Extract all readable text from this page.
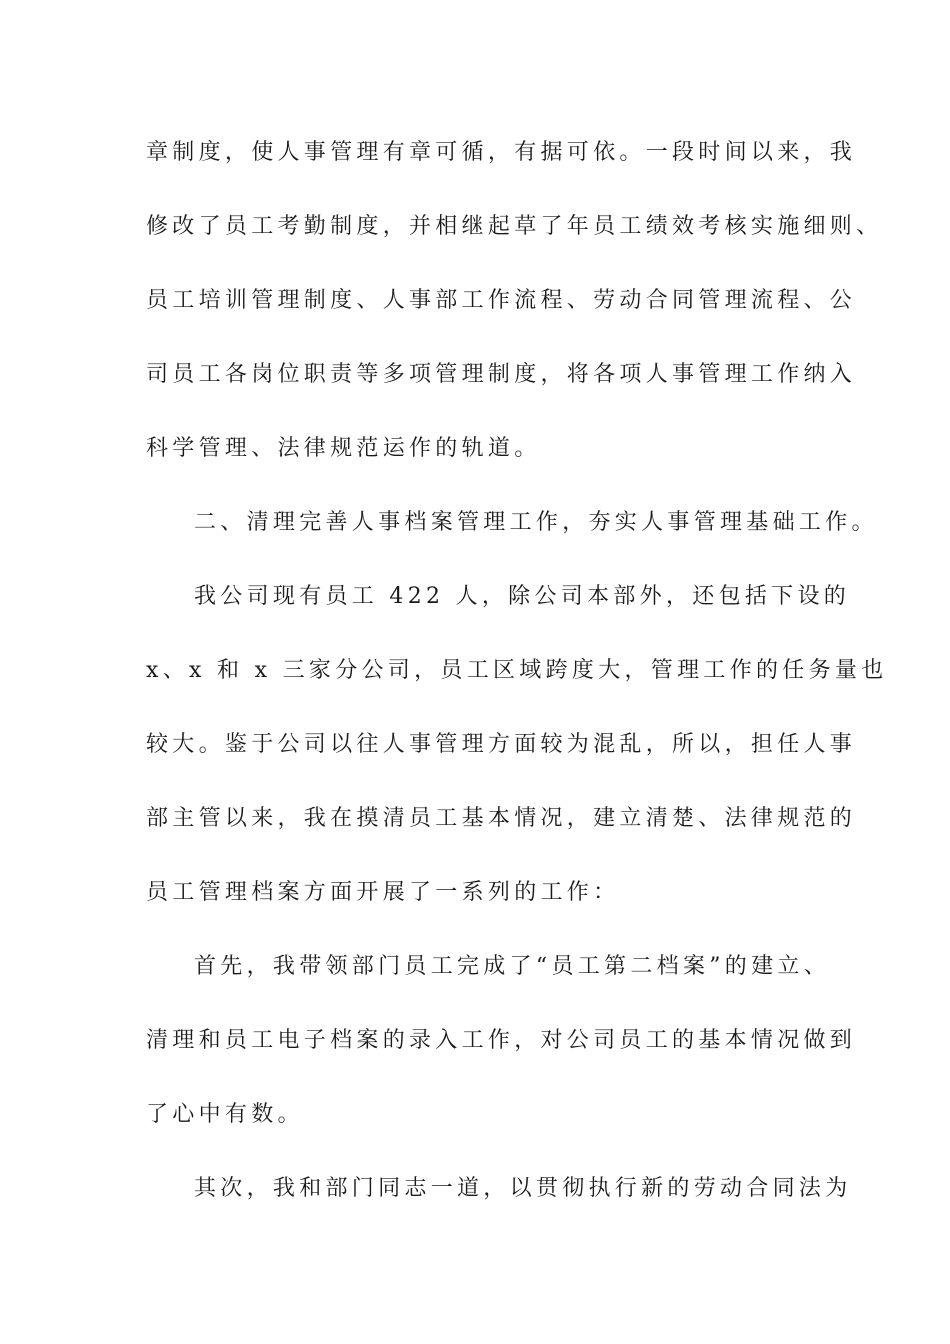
章制度，使人事管理有章可循，有据可依。一段时间以来，我
修改了员工考勤制度，并相继起草了年员工绩效考核实施细则、
员工培训管理制度、人事部工作流程、劳动合同管理流程、公
司员工各岗位职责等多项管理制度，将各项人事管理工作纳入
科学管理、法律规范运作的轨道。
二、清理完善人事档案管理工作，夯实人事管理基础工作。
我公司现有员工 422 人，除公司本部外，还包括下设的
x、x 和 x 三家分公司，员工区域跨度大，管理工作的任务量也
较大。鉴于公司以往人事管理方面较为混乱，所以，担任人事
部主管以来，我在摸清员工基本情况，建立清楚、法律规范的
员工管理档案方面开展了一系列的工作：
首先，我带领部门员工完成了“员工第二档案”的建立、
清理和员工电子档案的录入工作，对公司员工的基本情况做到
了心中有数。
其次，我和部门同志一道，以贯彻执行新的劳动合同法为
